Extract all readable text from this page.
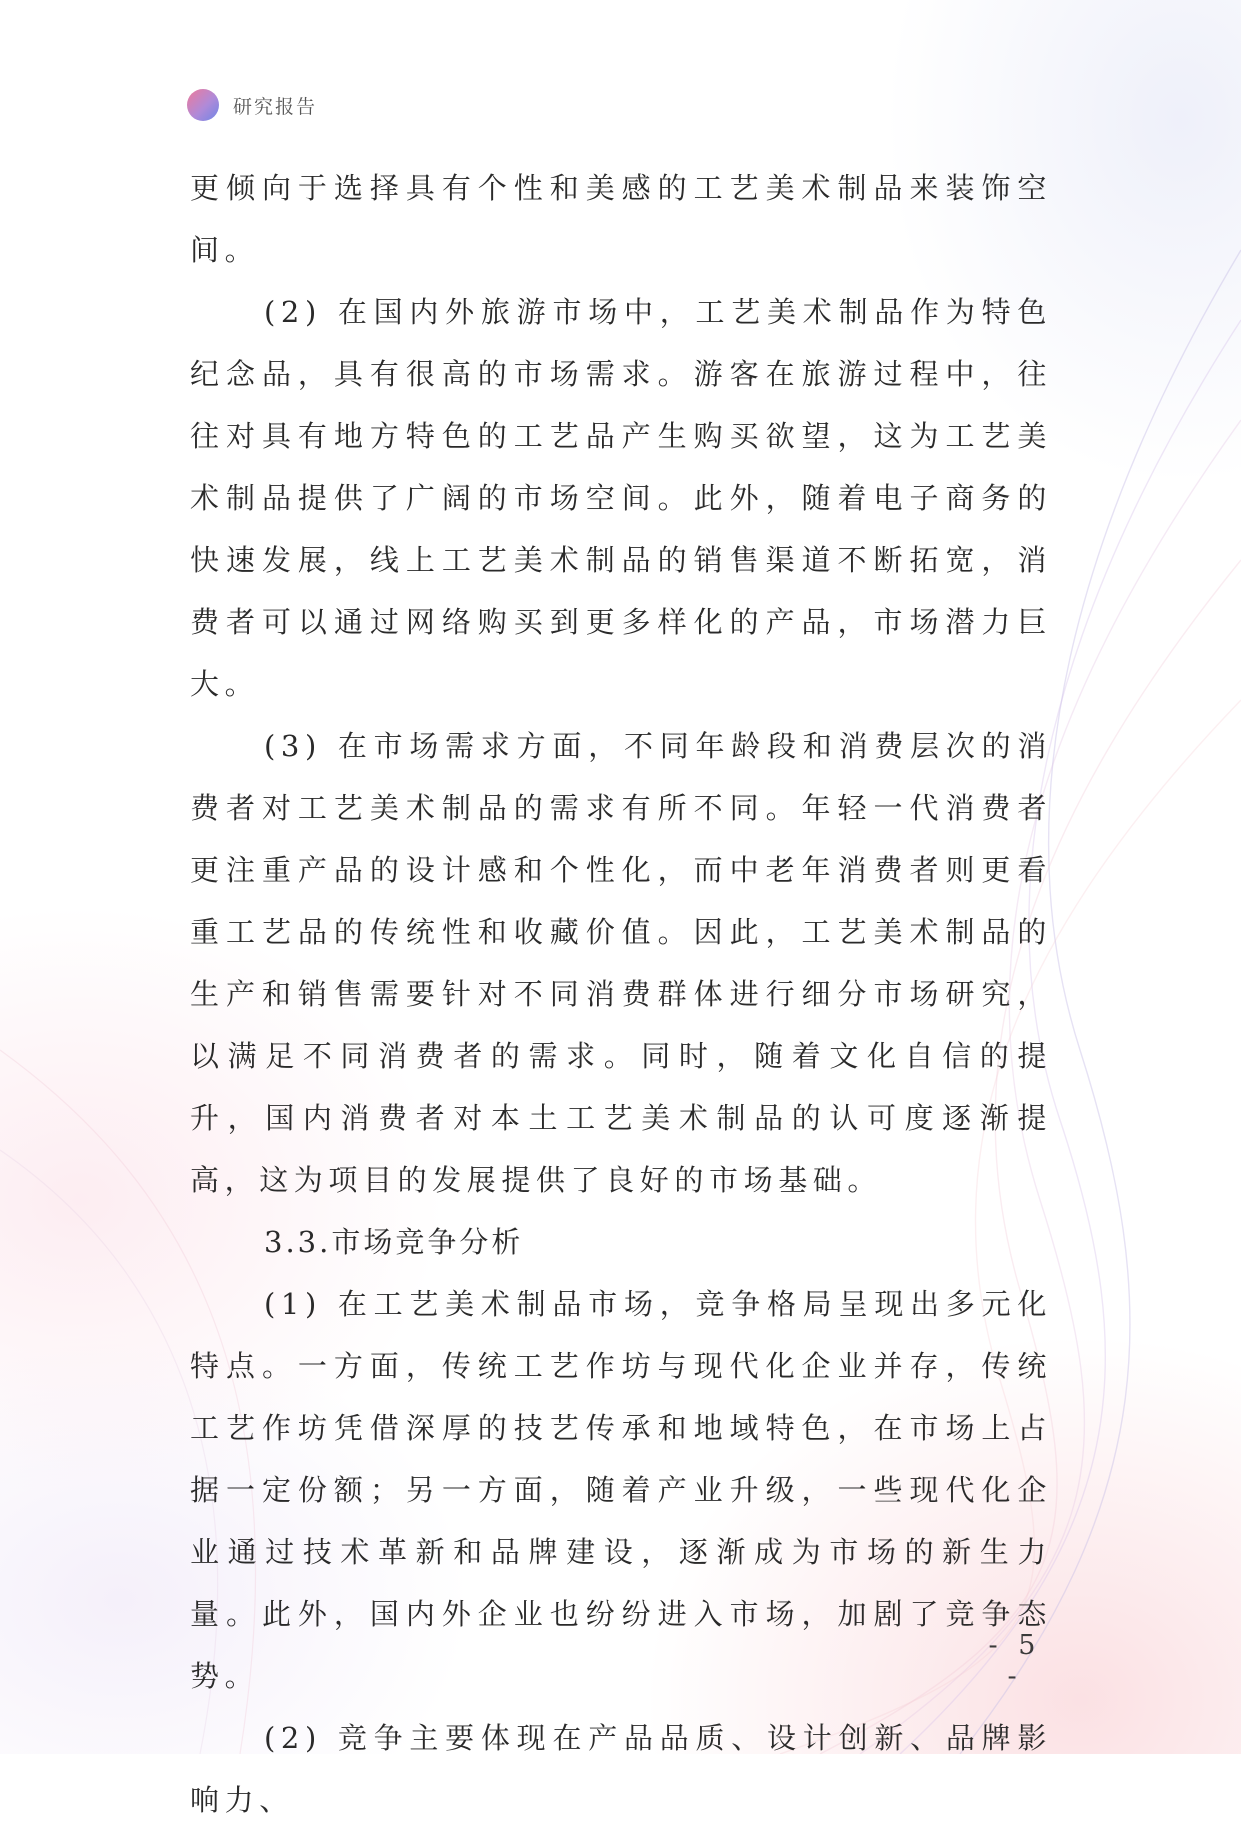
研究报告

更倾向于选择具有个性和美感的工艺美术制品来装饰空间。

(2) 在国内外旅游市场中，工艺美术制品作为特色纪念品，具有很高的市场需求。游客在旅游过程中，往往对具有地方特色的工艺品产生购买欲望，这为工艺美术制品提供了广阔的市场空间。此外，随着电子商务的快速发展，线上工艺美术制品的销售渠道不断拓宽，消费者可以通过网络购买到更多样化的产品，市场潜力巨大。

(3) 在市场需求方面，不同年龄段和消费层次的消费者对工艺美术制品的需求有所不同。年轻一代消费者更注重产品的设计感和个性化，而中老年消费者则更看重工艺品的传统性和收藏价值。因此，工艺美术制品的生产和销售需要针对不同消费群体进行细分市场研究，以满足不同消费者的需求。同时，随着文化自信的提升，国内消费者对本土工艺美术制品的认可度逐渐提高，这为项目的发展提供了良好的市场基础。

3.3.市场竞争分析

(1) 在工艺美术制品市场，竞争格局呈现出多元化特点。一方面，传统工艺作坊与现代化企业并存，传统工艺作坊凭借深厚的技艺传承和地域特色，在市场上占据一定份额；另一方面，随着产业升级，一些现代化企业通过技术革新和品牌建设，逐渐成为市场的新生力量。此外，国内外企业也纷纷进入市场，加剧了竞争态势。

(2) 竞争主要体现在产品品质、设计创新、品牌影响力、

- 5 -
